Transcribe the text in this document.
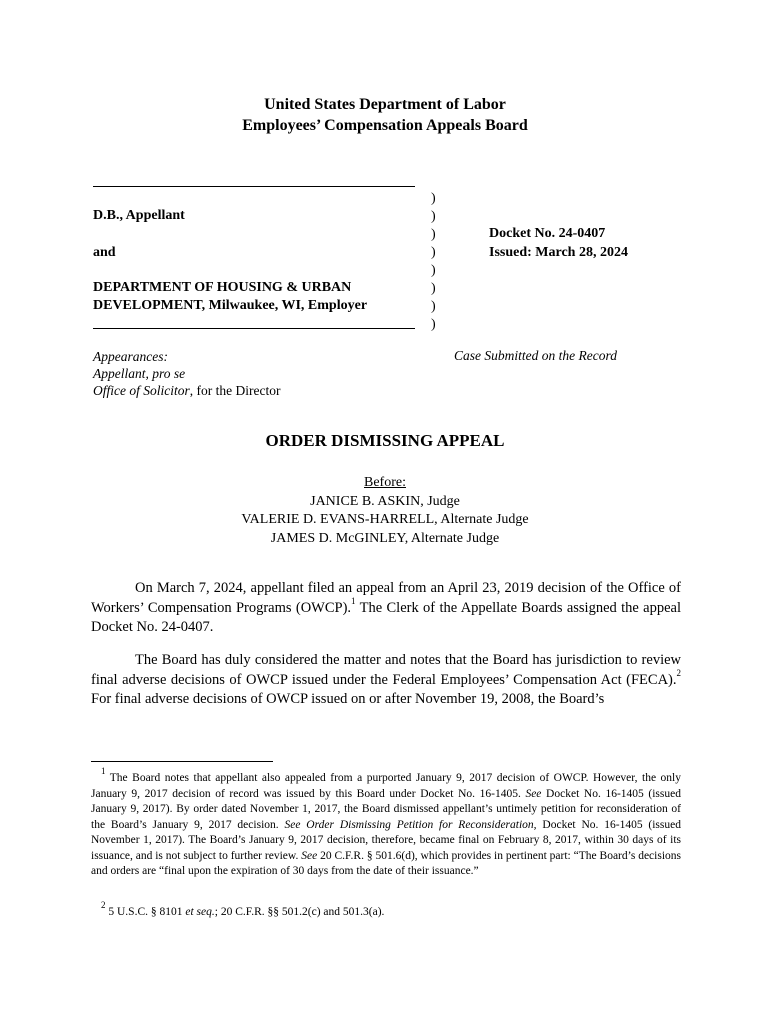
United States Department of Labor
Employees’ Compensation Appeals Board
D.B., Appellant
and
DEPARTMENT OF HOUSING & URBAN
DEVELOPMENT, Milwaukee, WI, Employer
)
)
)
)
)
)
)
)
Docket No. 24-0407
Issued: March 28, 2024
Appearances:
Appellant, pro se
Office of Solicitor, for the Director
Case Submitted on the Record
ORDER DISMISSING APPEAL
Before:
JANICE B. ASKIN, Judge
VALERIE D. EVANS-HARRELL, Alternate Judge
JAMES D. McGINLEY, Alternate Judge

On March 7, 2024, appellant filed an appeal from an April 23, 2019 decision of the Office of Workers’ Compensation Programs (OWCP).$^1$ The Clerk of the Appellate Boards assigned the appeal Docket No. 24-0407.

The Board has duly considered the matter and notes that the Board has jurisdiction to review final adverse decisions of OWCP issued under the Federal Employees’ Compensation Act (FECA).$^2$ For final adverse decisions of OWCP issued on or after November 19, 2008, the Board’s

$^1$ The Board notes that appellant also appealed from a purported January 9, 2017 decision of OWCP. However, the only January 9, 2017 decision of record was issued by this Board under Docket No. 16-1405. See Docket No. 16-1405 (issued January 9, 2017). By order dated November 1, 2017, the Board dismissed appellant’s untimely petition for reconsideration of the Board’s January 9, 2017 decision. See Order Dismissing Petition for Reconsideration, Docket No. 16-1405 (issued November 1, 2017). The Board’s January 9, 2017 decision, therefore, became final on February 8, 2017, within 30 days of its issuance, and is not subject to further review. See 20 C.F.R. § 501.6(d), which provides in pertinent part: “The Board’s decisions and orders are “final upon the expiration of 30 days from the date of their issuance.”

$^2$ 5 U.S.C. § 8101 et seq.; 20 C.F.R. §§ 501.2(c) and 501.3(a).
